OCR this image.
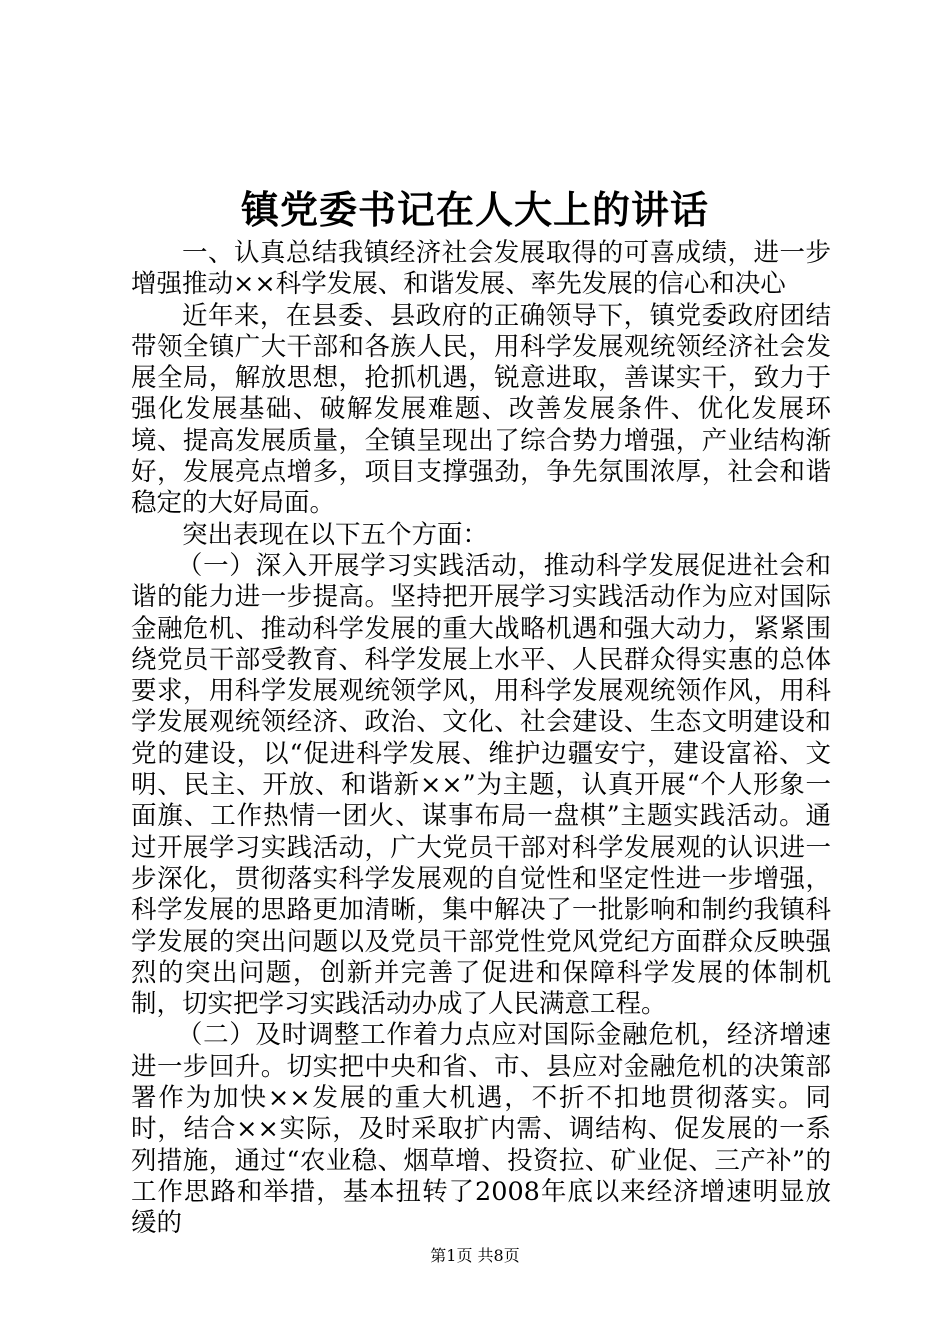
镇党委书记在人大上的讲话

一、认真总结我镇经济社会发展取得的可喜成绩，进一步增强推动××科学发展、和谐发展、率先发展的信心和决心

近年来，在县委、县政府的正确领导下，镇党委政府团结带领全镇广大干部和各族人民，用科学发展观统领经济社会发展全局，解放思想，抢抓机遇，锐意进取，善谋实干，致力于强化发展基础、破解发展难题、改善发展条件、优化发展环境、提高发展质量，全镇呈现出了综合势力增强，产业结构渐好，发展亮点增多，项目支撑强劲，争先氛围浓厚，社会和谐稳定的大好局面。

突出表现在以下五个方面：

（一）深入开展学习实践活动，推动科学发展促进社会和谐的能力进一步提高。坚持把开展学习实践活动作为应对国际金融危机、推动科学发展的重大战略机遇和强大动力，紧紧围绕党员干部受教育、科学发展上水平、人民群众得实惠的总体要求，用科学发展观统领学风，用科学发展观统领作风，用科学发展观统领经济、政治、文化、社会建设、生态文明建设和党的建设，以“促进科学发展、维护边疆安宁，建设富裕、文明、民主、开放、和谐新××”为主题，认真开展“个人形象一面旗、工作热情一团火、谋事布局一盘棋”主题实践活动。通过开展学习实践活动，广大党员干部对科学发展观的认识进一步深化，贯彻落实科学发展观的自觉性和坚定性进一步增强，科学发展的思路更加清晰，集中解决了一批影响和制约我镇科学发展的突出问题以及党员干部党性党风党纪方面群众反映强烈的突出问题，创新并完善了促进和保障科学发展的体制机制，切实把学习实践活动办成了人民满意工程。

（二）及时调整工作着力点应对国际金融危机，经济增速进一步回升。切实把中央和省、市、县应对金融危机的决策部署作为加快××发展的重大机遇，不折不扣地贯彻落实。同时，结合××实际，及时采取扩内需、调结构、促发展的一系列措施，通过“农业稳、烟草增、投资拉、矿业促、三产补”的工作思路和举措，基本扭转了2008年底以来经济增速明显放缓的

第1页 共8页
